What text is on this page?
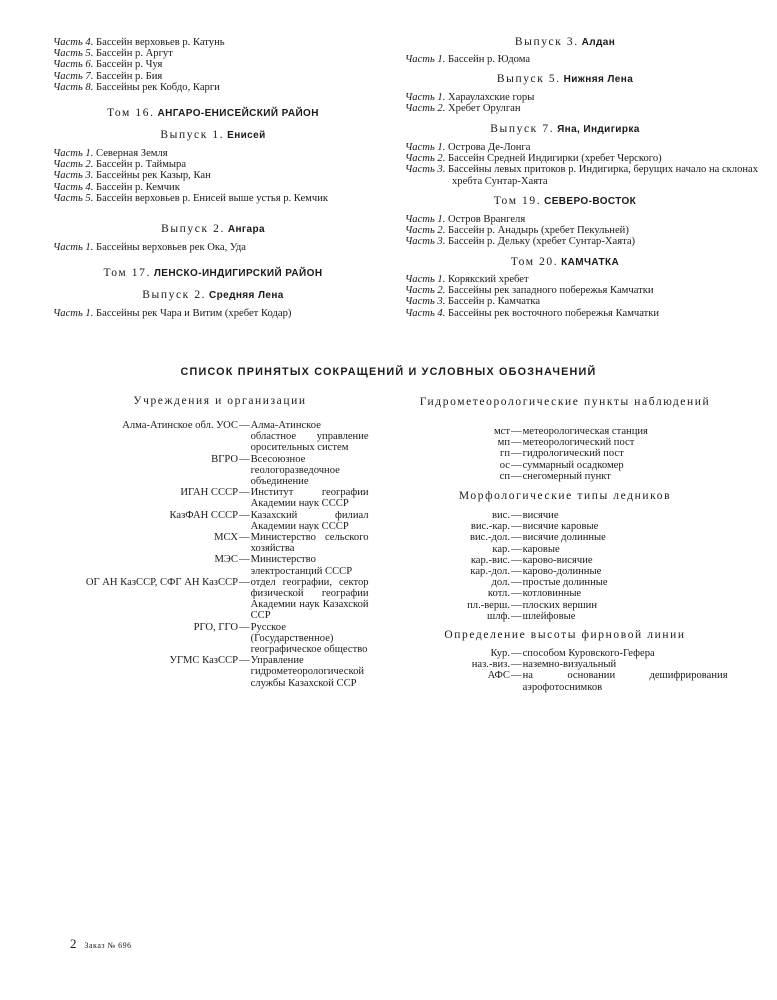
Часть 4. Бассейн верховьев р. Катунь
Часть 5. Бассейн р. Аргут
Часть 6. Бассейн р. Чуя
Часть 7. Бассейн р. Бия
Часть 8. Бассейны рек Кобдо, Карги
Том 16. АНГАРО-ЕНИСЕЙСКИЙ РАЙОН
Выпуск 1. Енисей
Часть 1. Северная Земля
Часть 2. Бассейн р. Таймыра
Часть 3. Бассейны рек Казыр, Кан
Часть 4. Бассейн р. Кемчик
Часть 5. Бассейн верховьев р. Енисей выше устья р. Кемчик
Выпуск 2. Ангара
Часть 1. Бассейны верховьев рек Ока, Уда
Том 17. ЛЕНСКО-ИНДИГИРСКИЙ РАЙОН
Выпуск 2. Средняя Лена
Часть 1. Бассейны рек Чара и Витим (хребет Кодар)
Выпуск 3. Алдан
Часть 1. Бассейн р. Юдома
Выпуск 5. Нижняя Лена
Часть 1. Хараулахские горы
Часть 2. Хребет Орулган
Выпуск 7. Яна, Индигирка
Часть 1. Острова Де-Лонга
Часть 2. Бассейн Средней Индигирки (хребет Черского)
Часть 3. Бассейны левых притоков р. Индигирка, берущих начало на склонах хребта Сунтар-Хаята
Том 19. СЕВЕРО-ВОСТОК
Часть 1. Остров Врангеля
Часть 2. Бассейн р. Анадырь (хребет Пекульней)
Часть 3. Бассейн р. Дельку (хребет Сунтар-Хаята)
Том 20. КАМЧАТКА
Часть 1. Корякский хребет
Часть 2. Бассейны рек западного побережья Камчатки
Часть 3. Бассейн р. Камчатка
Часть 4. Бассейны рек восточного побережья Камчатки
СПИСОК ПРИНЯТЫХ СОКРАЩЕНИЙ И УСЛОВНЫХ ОБОЗНАЧЕНИЙ
Учреждения и организации
Алма-Атинское обл. УОС — Алма-Атинское областное управление оросительных систем
ВГРО — Всесоюзное геологоразведочное объединение
ИГАН СССР — Институт географии Академии наук СССР
КазФАН СССР — Казахский филиал Академии наук СССР
МСХ — Министерство сельского хозяйства
МЭС — Министерство электростанций СССР
ОГ АН КазССР, СФГ АН КазССР — отдел географии, сектор физической географии Академии наук Казахской ССР
РГО, ГГО — Русское (Государственное) географическое общество
УГМС КазССР — Управление гидрометеорологической службы Казахской ССР
Гидрометеорологические пункты наблюдений
мст — метеорологическая станция
мп — метеорологический пост
гп — гидрологический пост
ос — суммарный осадкомер
сп — снегомерный пункт
Морфологические типы ледников
вис. — висячие
вис.-кар. — висячие каровые
вис.-дол. — висячие долинные
кар. — каровые
кар.-вис. — карово-висячие
кар.-дол. — карово-долинные
дол. — простые долинные
котл. — котловинные
пл.-верш. — плоских вершин
шлф. — шлейфовые
Определение высоты фирновой линии
Кур. — способом Куровского-Гефера
наз.-виз. — наземно-визуальный
АФС — на основании дешифрирования аэрофотоснимков
2 Заказ № 696
